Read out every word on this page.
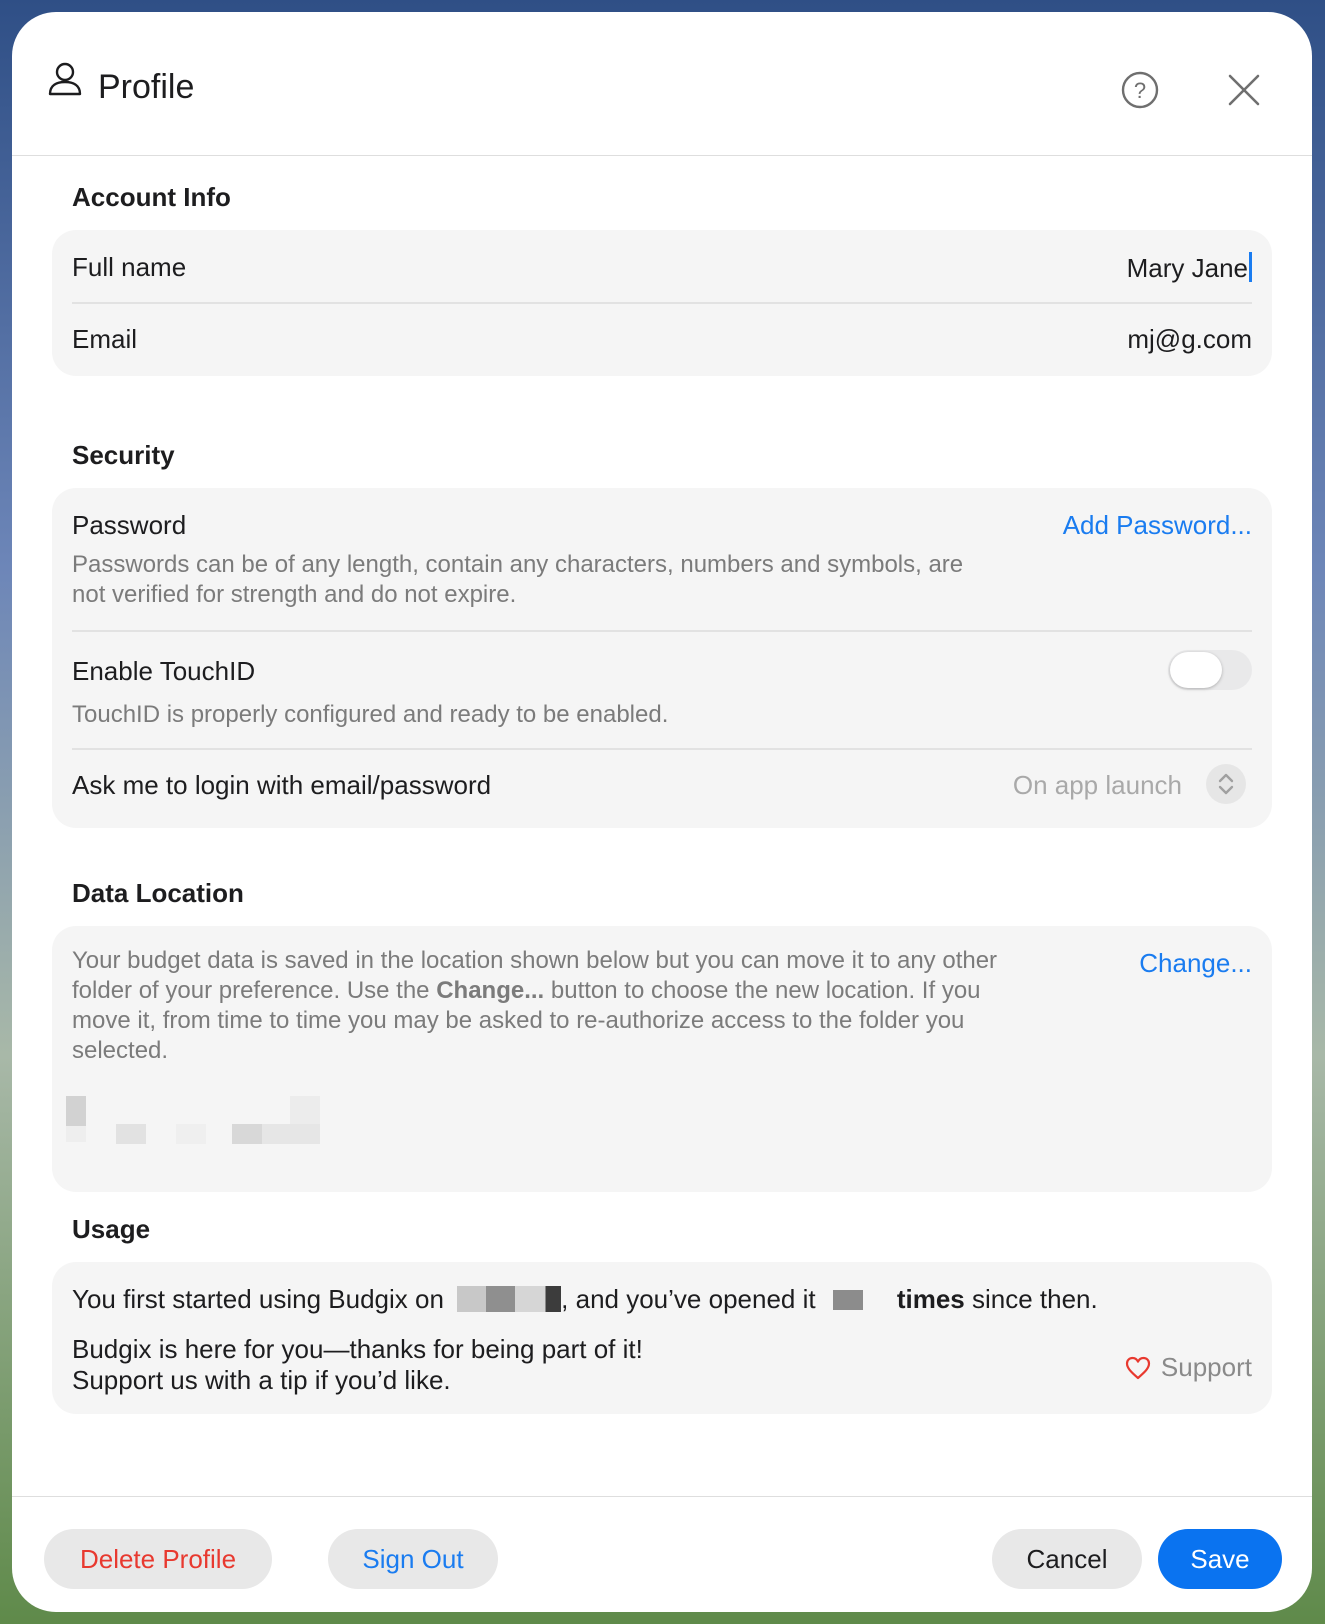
Profile	?
Account Info
Full name	Mary Jane
Email	mj@g.com
Security
Password	Add Password...
Passwords can be of any length, contain any characters, numbers and symbols, are
not verified for strength and do not expire.
Enable TouchID
TouchID is properly configured and ready to be enabled.
Ask me to login with email/password	On app launch
Data Location
Change...
Your budget data is saved in the location shown below but you can move it to any other
folder of your preference. Use the Change... button to choose the new location. If you
move it, from time to time you may be asked to re-authorize access to the folder you
selected.
Usage
You first started using Budgix on	, and you’ve opened it	times since then.
Budgix is here for you—thanks for being part of it!
Support us with a tip if you’d like.	Support
Delete Profile	Sign Out	Cancel	Save
